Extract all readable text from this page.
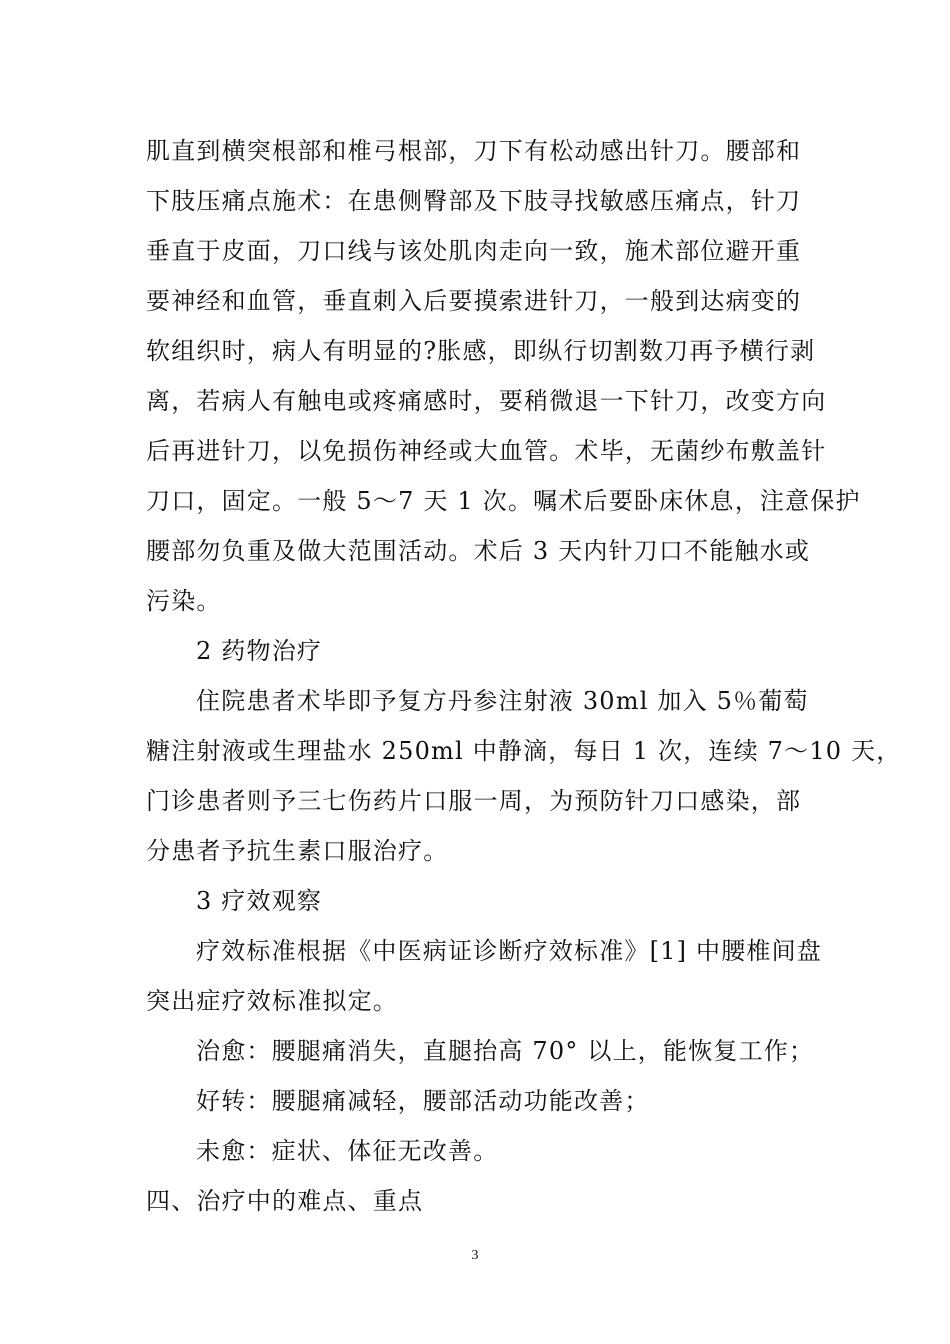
肌直到横突根部和椎弓根部，刀下有松动感出针刀。腰部和
下肢压痛点施术：在患侧臀部及下肢寻找敏感压痛点，针刀
垂直于皮面，刀口线与该处肌肉走向一致，施术部位避开重
要神经和血管，垂直刺入后要摸索进针刀，一般到达病变的
软组织时，病人有明显的?胀感，即纵行切割数刀再予横行剥
离，若病人有触电或疼痛感时，要稍微退一下针刀，改变方向
后再进针刀，以免损伤神经或大血管。术毕，无菌纱布敷盖针
刀口，固定。一般 5～7 天 1 次。嘱术后要卧床休息，注意保护
腰部勿负重及做大范围活动。术后 3 天内针刀口不能触水或
污染。
2 药物治疗
住院患者术毕即予复方丹参注射液 30ml 加入 5％葡萄
糖注射液或生理盐水 250ml 中静滴，每日 1 次，连续 7～10 天，
门诊患者则予三七伤药片口服一周，为预防针刀口感染，部
分患者予抗生素口服治疗。
3 疗效观察
疗效标准根据《中医病证诊断疗效标准》[1] 中腰椎间盘
突出症疗效标准拟定。
治愈：腰腿痛消失，直腿抬高 70° 以上，能恢复工作；
好转：腰腿痛减轻，腰部活动功能改善；
未愈：症状、体征无改善。
四、治疗中的难点、重点
3
